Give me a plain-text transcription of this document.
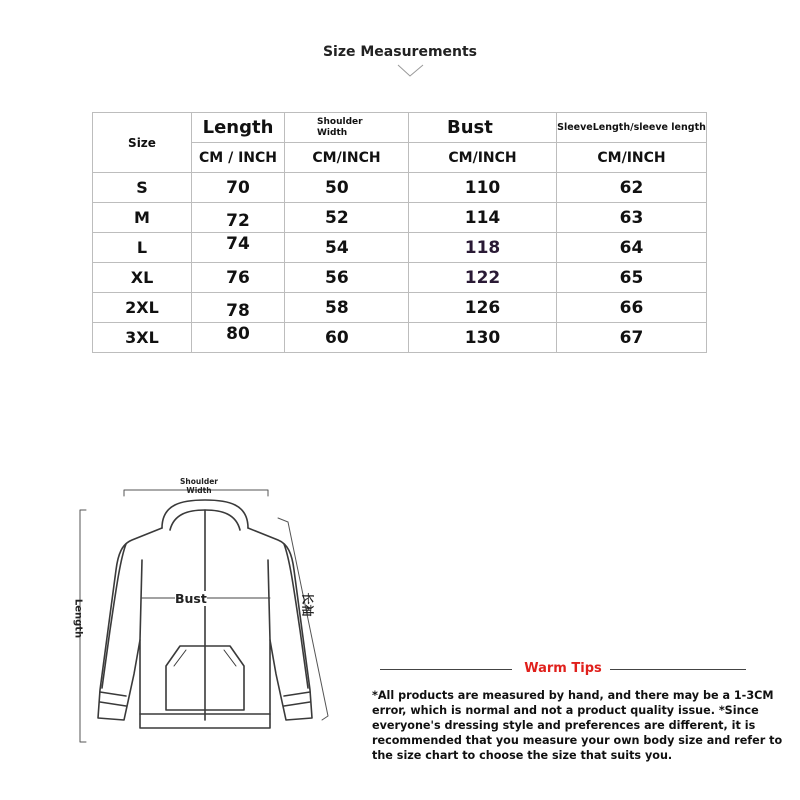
Size Measurements
Size	Length	Shoulder Width	Bust	SleeveLength/sleeve length
	CM / INCH	CM/INCH	CM/INCH	CM/INCH
S	70	50	110	62
M	72	52	114	63
L	74	54	118	64
XL	76	56	122	65
2XL	78	58	126	66
3XL	80	60	130	67
Shoulder Width
Bust
Length	长袖
Warm Tips
*All products are measured by hand, and there may be a 1-3CM error, which is normal and not a product quality issue. *Since everyone's dressing style and preferences are different, it is recommended that you measure your own body size and refer to the size chart to choose the size that suits you.
